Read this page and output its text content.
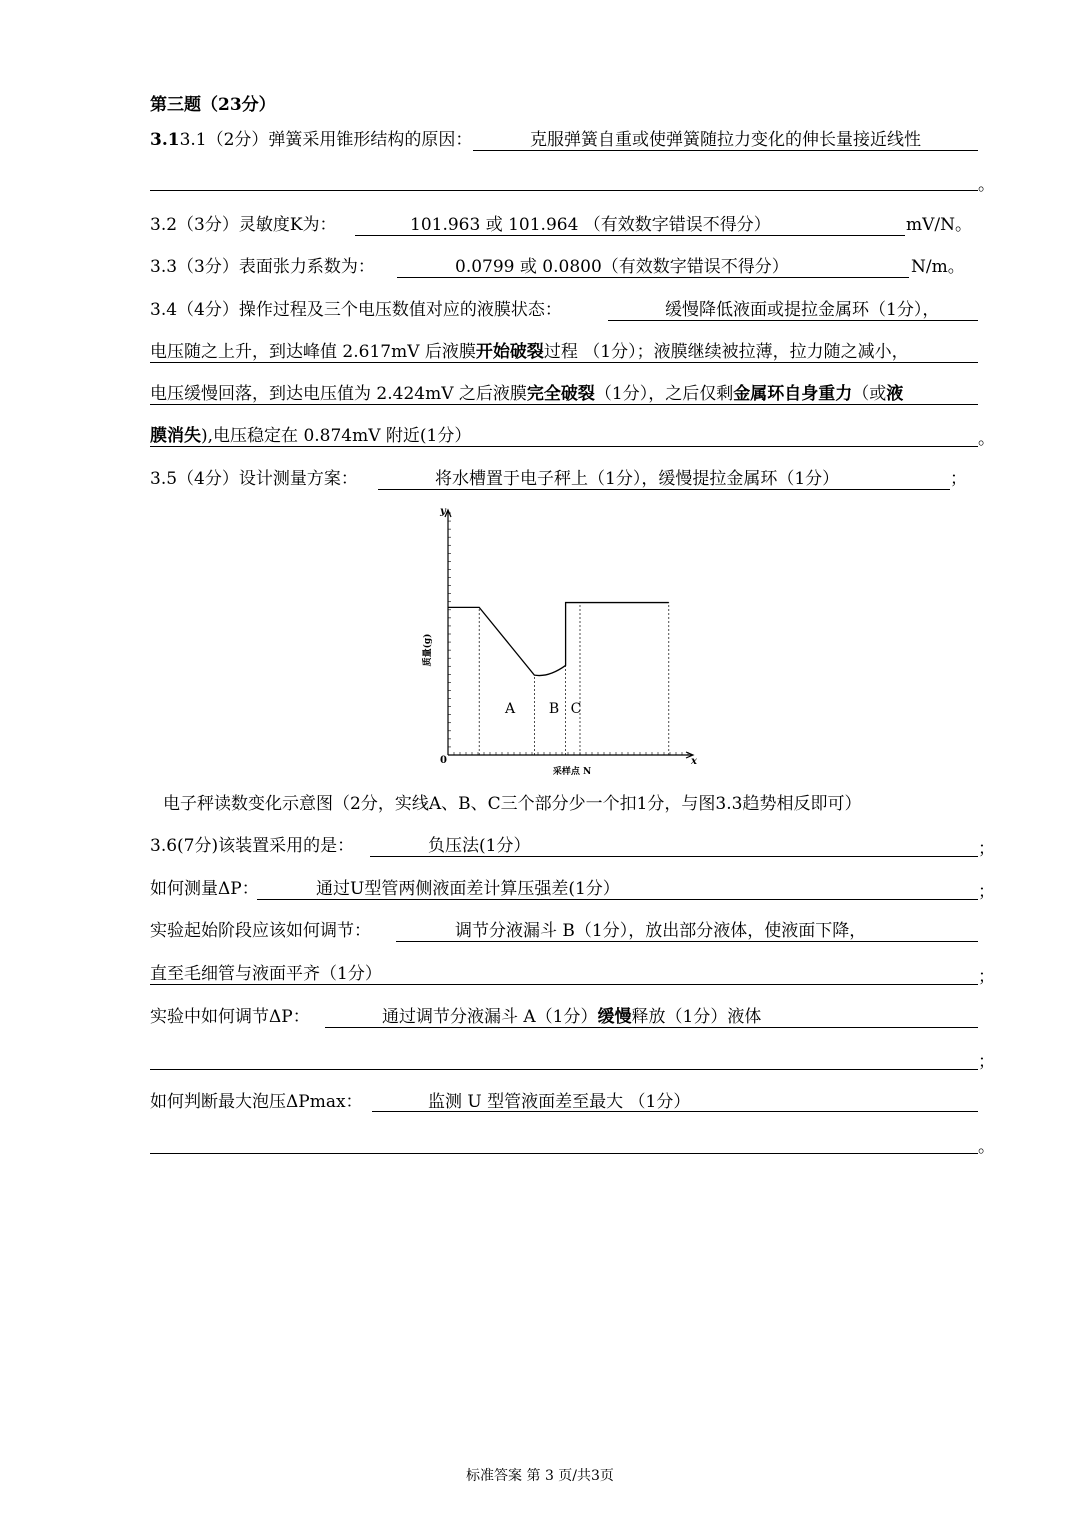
第三题（23分）
3.13.1（2分）弹簧采用锥形结构的原因：	克服弹簧自重或使弹簧随拉力变化的伸长量接近线性
。
3.2（3分）灵敏度K为：	101.963 或 101.964 （有效数字错误不得分）	mV/N。
3.3（3分）表面张力系数为：	0.0799 或 0.0800（有效数字错误不得分）	N/m。
3.4（4分）操作过程及三个电压数值对应的液膜状态：	缓慢降低液面或提拉金属环（1分），
电压随之上升，到达峰值 2.617mV 后液膜开始破裂过程 （1分）；液膜继续被拉薄，拉力随之减小，
电压缓慢回落，到达电压值为 2.424mV 之后液膜完全破裂（1分），之后仅剩金属环自身重力（或液
膜消失),电压稳定在 0.874mV 附近(1分）	。
3.5（4分）设计测量方案：	将水槽置于电子秤上（1分），缓慢提拉金属环（1分）	；
y
x
0
质量(g)
采样点 N
A B C
电子秤读数变化示意图（2分，实线A、B、C三个部分少一个扣1分，与图3.3趋势相反即可）
3.6(7分)该装置采用的是：	负压法(1分）	；
如何测量ΔP：	通过U型管两侧液面差计算压强差(1分）	；
实验起始阶段应该如何调节：	调节分液漏斗 B（1分），放出部分液体，使液面下降，
直至毛细管与液面平齐（1分）	；
实验中如何调节ΔP：	通过调节分液漏斗 A（1分）缓慢释放（1分）液体
；
如何判断最大泡压ΔPmax：	监测 U 型管液面差至最大 （1分）
。
标准答案 第 3 页/共3页
